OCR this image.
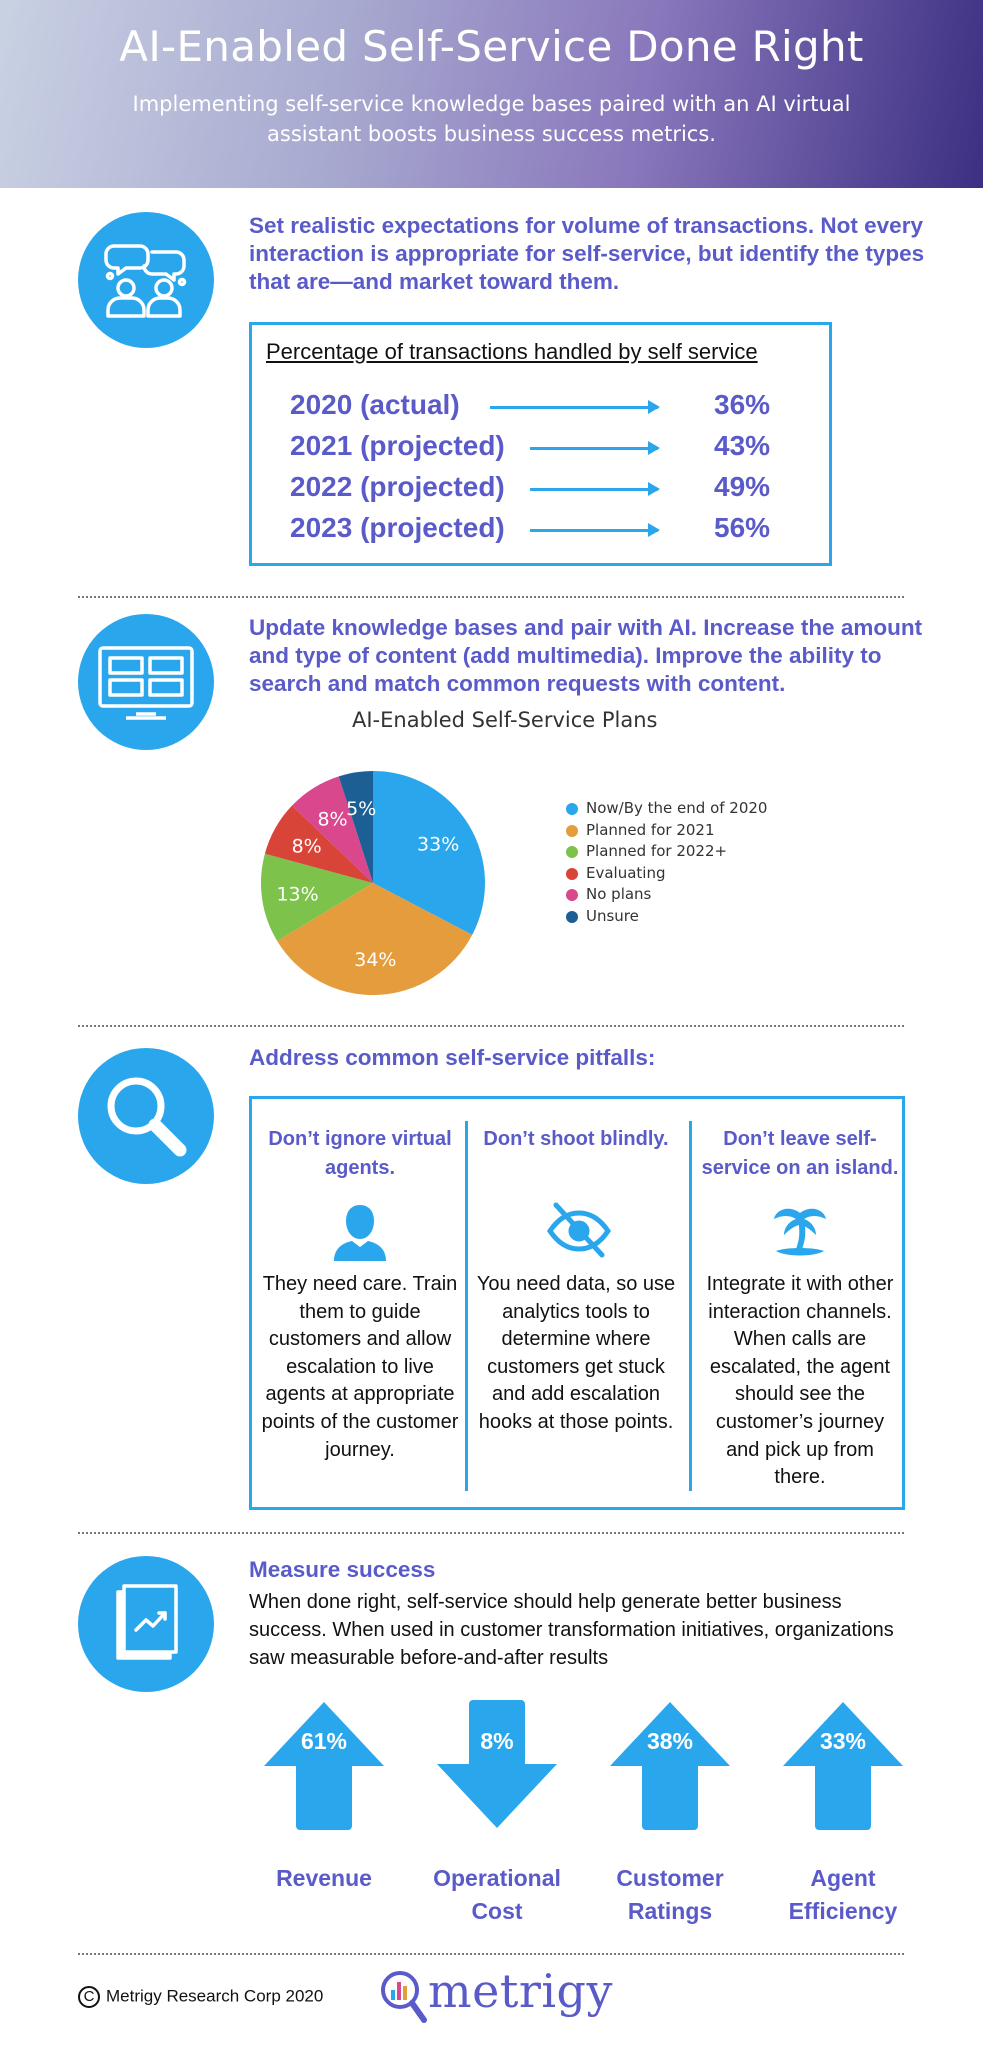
AI-Enabled Self-Service Done Right

Implementing self-service knowledge bases paired with an AI virtual assistant boosts business success metrics.

Set realistic expectations for volume of transactions. Not every interaction is appropriate for self-service, but identify the types that are—and market toward them.
Percentage of transactions handled by self service
2020 (actual)	36%
2021 (projected)	43%
2022 (projected)	49%
2023 (projected)	56%
Update knowledge bases and pair with AI. Increase the amount and type of content (add multimedia). Improve the ability to search and match common requests with content.
AI-Enabled Self-Service Plans
33%
34%
13%
8%
8%
5%	Now/By the end of 2020
Planned for 2021
Planned for 2022+
Evaluating
No plans
Unsure
Address common self-service pitfalls:
Don’t ignore virtual agents.
They need care. Train them to guide customers and allow escalation to live agents at appropriate points of the customer journey.
Don’t shoot blindly.
You need data, so use analytics tools to determine where customers get stuck and add escalation hooks at those points.
Don’t leave self-service on an island.
Integrate it with other interaction channels. When calls are escalated, the agent should see the customer’s journey and pick up from there.
Measure success
When done right, self-service should help generate better business success. When used in customer transformation initiatives, organizations saw measurable before-and-after results
61%
Revenue
8%
Operational Cost
38%
Customer Ratings
33%
Agent Efficiency
C Metrigy Research Corp 2020 metrigy
